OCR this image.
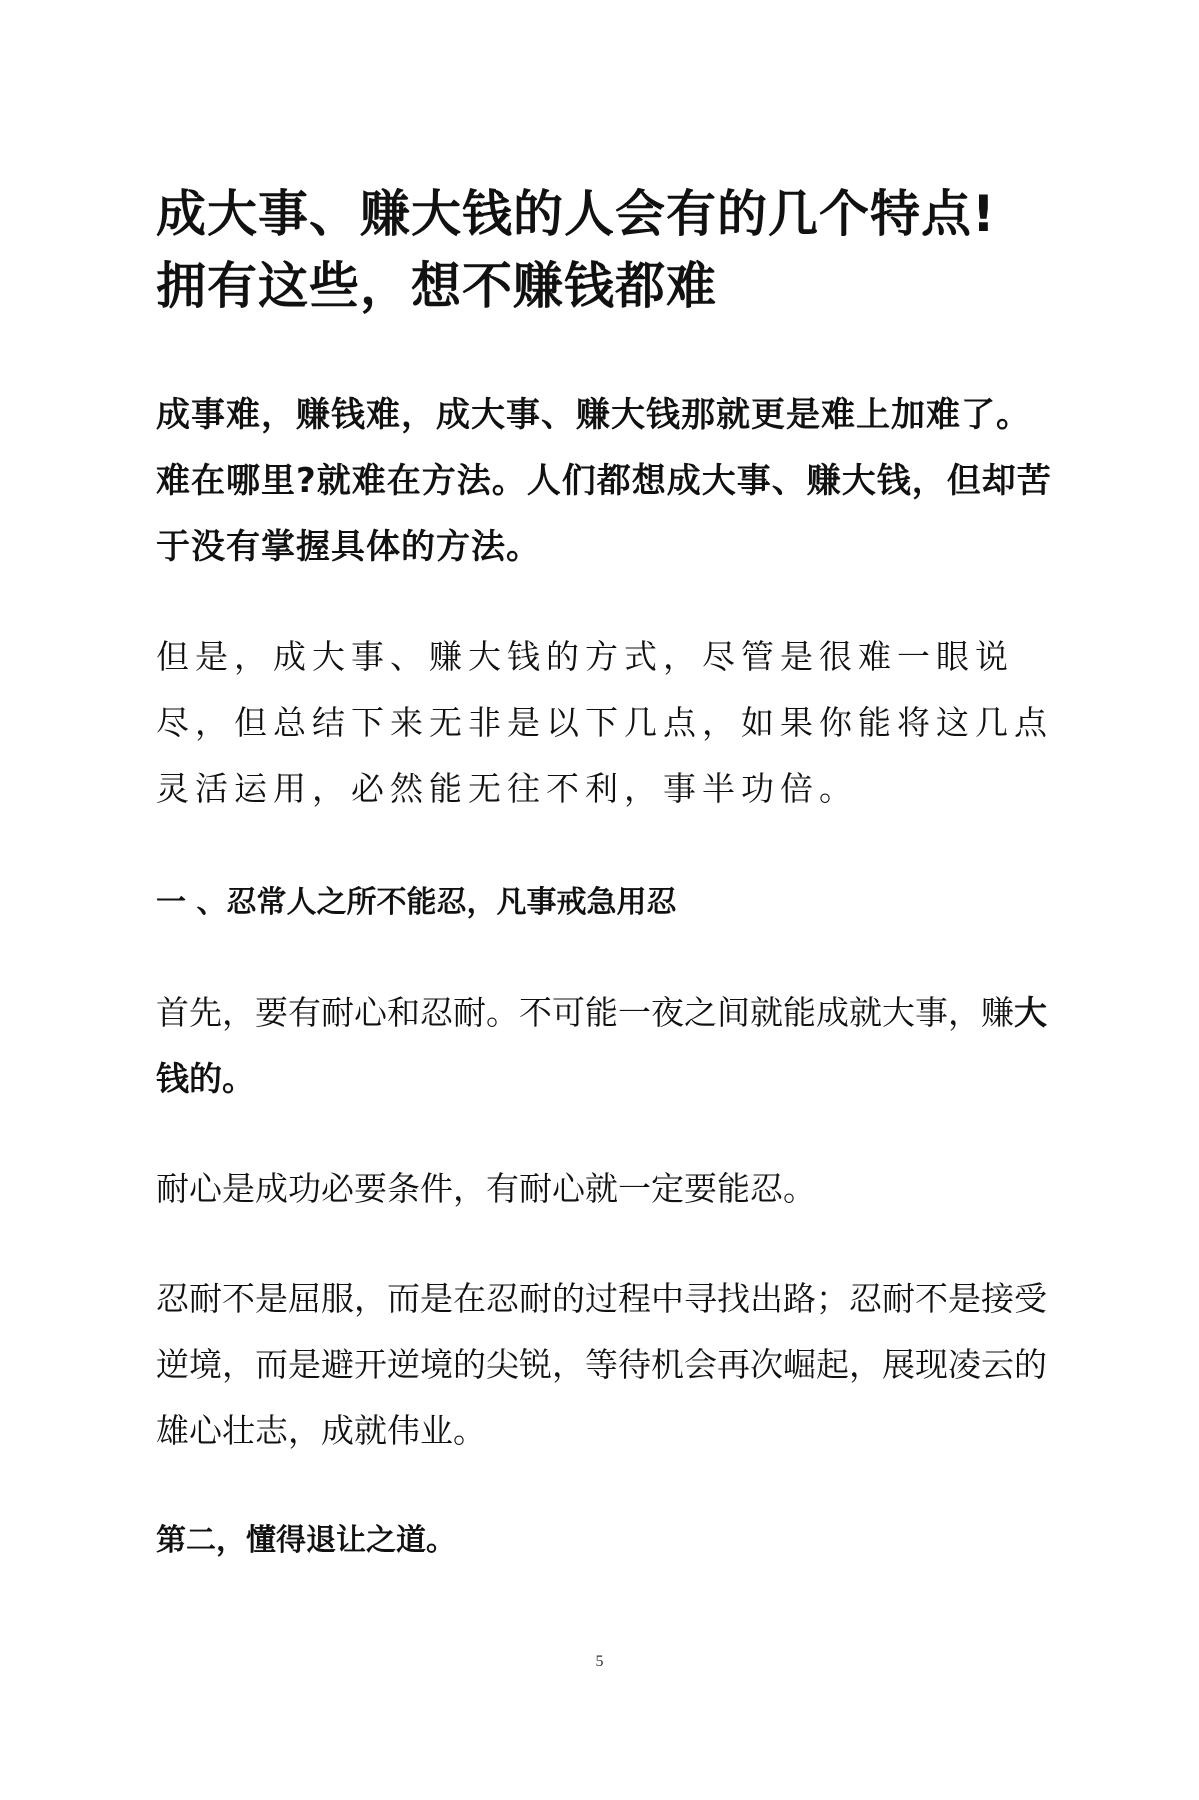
成大事、赚大钱的人会有的几个特点!
拥有这些，想不赚钱都难

成事难，赚钱难，成大事、赚大钱那就更是难上加难了。难在哪里?就难在方法。人们都想成大事、赚大钱，但却苦于没有掌握具体的方法。

但是，成大事、赚大钱的方式，尽管是很难一眼说尽，但总结下来无非是以下几点，如果你能将这几点灵活运用，必然能无往不利，事半功倍。

一 、忍常人之所不能忍，凡事戒急用忍

首先，要有耐心和忍耐。不可能一夜之间就能成就大事，赚大钱的。

耐心是成功必要条件，有耐心就一定要能忍。

忍耐不是屈服，而是在忍耐的过程中寻找出路；忍耐不是接受逆境，而是避开逆境的尖锐，等待机会再次崛起，展现凌云的雄心壮志，成就伟业。

第二，懂得退让之道。
5
